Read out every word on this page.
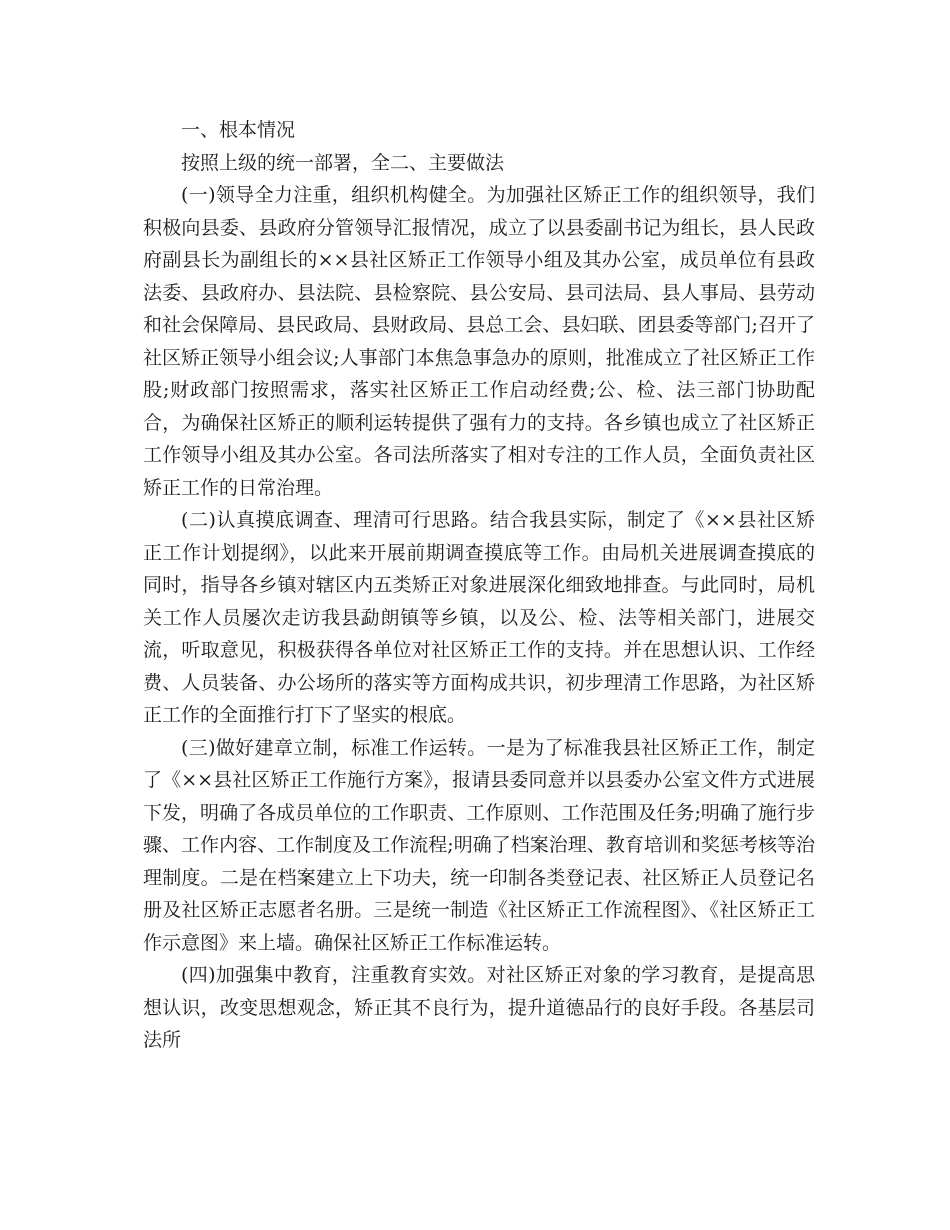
一、根本情况

按照上级的统一部署，全二、主要做法

(一)领导全力注重，组织机构健全。为加强社区矫正工作的组织领导，我们积极向县委、县政府分管领导汇报情况，成立了以县委副书记为组长，县人民政府副县长为副组长的××县社区矫正工作领导小组及其办公室，成员单位有县政法委、县政府办、县法院、县检察院、县公安局、县司法局、县人事局、县劳动和社会保障局、县民政局、县财政局、县总工会、县妇联、团县委等部门;召开了社区矫正领导小组会议;人事部门本焦急事急办的原则，批准成立了社区矫正工作股;财政部门按照需求，落实社区矫正工作启动经费;公、检、法三部门协助配合，为确保社区矫正的顺利运转提供了强有力的支持。各乡镇也成立了社区矫正工作领导小组及其办公室。各司法所落实了相对专注的工作人员，全面负责社区矫正工作的日常治理。

(二)认真摸底调查、理清可行思路。结合我县实际，制定了《××县社区矫正工作计划提纲》，以此来开展前期调查摸底等工作。由局机关进展调查摸底的同时，指导各乡镇对辖区内五类矫正对象进展深化细致地排查。与此同时，局机关工作人员屡次走访我县勐朗镇等乡镇，以及公、检、法等相关部门，进展交流，听取意见，积极获得各单位对社区矫正工作的支持。并在思想认识、工作经费、人员装备、办公场所的落实等方面构成共识，初步理清工作思路，为社区矫正工作的全面推行打下了坚实的根底。

(三)做好建章立制，标准工作运转。一是为了标准我县社区矫正工作，制定了《××县社区矫正工作施行方案》，报请县委同意并以县委办公室文件方式进展下发，明确了各成员单位的工作职责、工作原则、工作范围及任务;明确了施行步骤、工作内容、工作制度及工作流程;明确了档案治理、教育培训和奖惩考核等治理制度。二是在档案建立上下功夫，统一印制各类登记表、社区矫正人员登记名册及社区矫正志愿者名册。三是统一制造《社区矫正工作流程图》、《社区矫正工作示意图》来上墙。确保社区矫正工作标准运转。

(四)加强集中教育，注重教育实效。对社区矫正对象的学习教育，是提高思想认识，改变思想观念，矫正其不良行为，提升道德品行的良好手段。各基层司法所
